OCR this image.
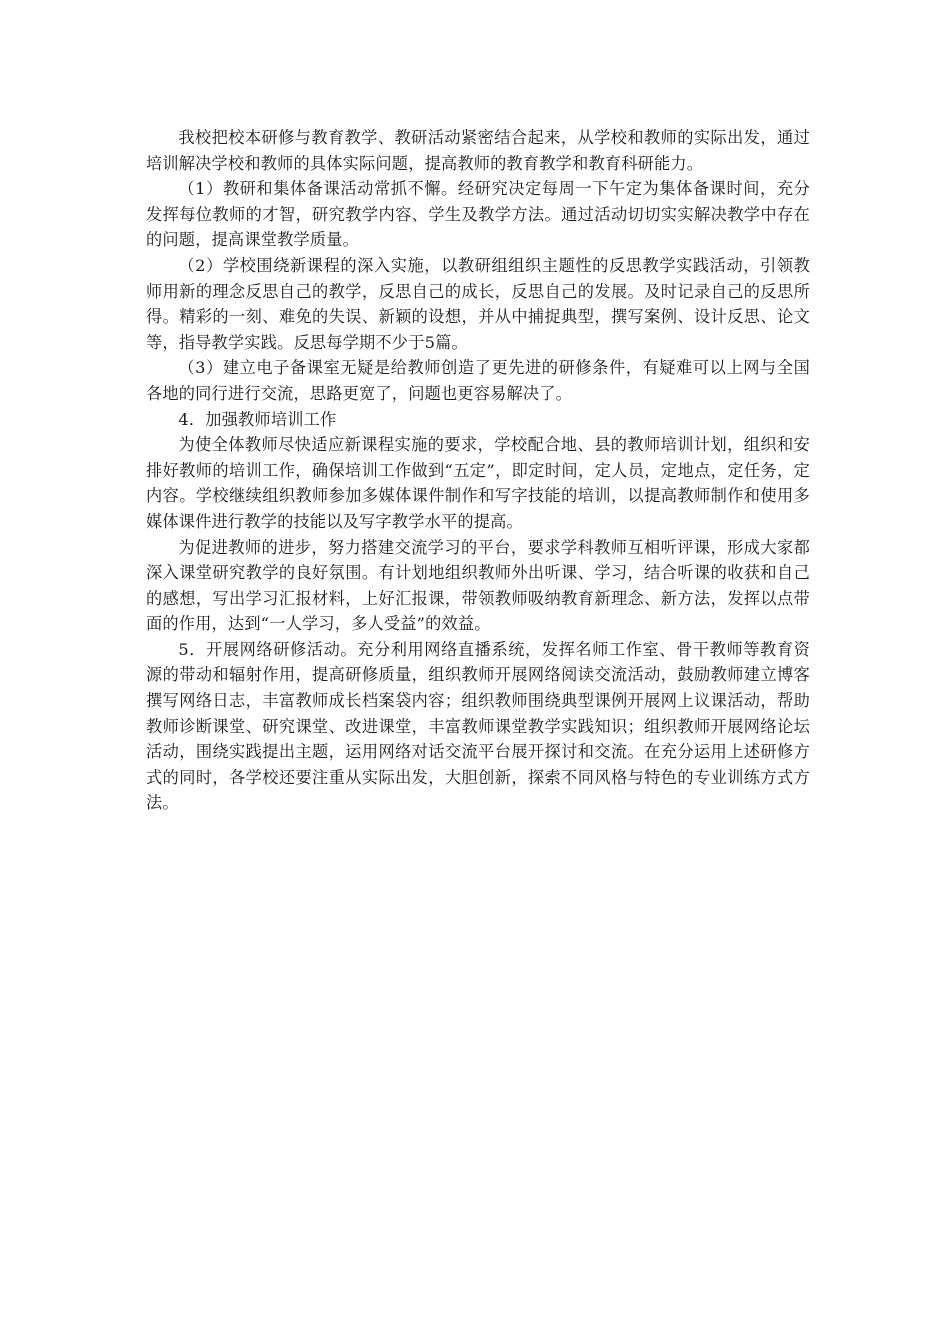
我校把校本研修与教育教学、教研活动紧密结合起来，从学校和教师的实际出发，通过培训解决学校和教师的具体实际问题，提高教师的教育教学和教育科研能力。

（1）教研和集体备课活动常抓不懈。经研究决定每周一下午定为集体备课时间，充分发挥每位教师的才智，研究教学内容、学生及教学方法。通过活动切切实实解决教学中存在的问题，提高课堂教学质量。

（2）学校围绕新课程的深入实施，以教研组组织主题性的反思教学实践活动，引领教师用新的理念反思自己的教学，反思自己的成长，反思自己的发展。及时记录自己的反思所得。精彩的一刻、难免的失误、新颖的设想，并从中捕捉典型，撰写案例、设计反思、论文等，指导教学实践。反思每学期不少于5篇。

（3）建立电子备课室无疑是给教师创造了更先进的研修条件，有疑难可以上网与全国各地的同行进行交流，思路更宽了，问题也更容易解决了。

4．加强教师培训工作

为使全体教师尽快适应新课程实施的要求，学校配合地、县的教师培训计划，组织和安排好教师的培训工作，确保培训工作做到“五定”，即定时间，定人员，定地点，定任务，定内容。学校继续组织教师参加多媒体课件制作和写字技能的培训，以提高教师制作和使用多媒体课件进行教学的技能以及写字教学水平的提高。

为促进教师的进步，努力搭建交流学习的平台，要求学科教师互相听评课，形成大家都深入课堂研究教学的良好氛围。有计划地组织教师外出听课、学习，结合听课的收获和自己的感想，写出学习汇报材料，上好汇报课，带领教师吸纳教育新理念、新方法，发挥以点带面的作用，达到“一人学习，多人受益”的效益。

5．开展网络研修活动。充分利用网络直播系统，发挥名师工作室、骨干教师等教育资源的带动和辐射作用，提高研修质量，组织教师开展网络阅读交流活动，鼓励教师建立博客撰写网络日志，丰富教师成长档案袋内容；组织教师围绕典型课例开展网上议课活动，帮助教师诊断课堂、研究课堂、改进课堂，丰富教师课堂教学实践知识；组织教师开展网络论坛活动，围绕实践提出主题，运用网络对话交流平台展开探讨和交流。在充分运用上述研修方式的同时，各学校还要注重从实际出发，大胆创新，探索不同风格与特色的专业训练方式方法。
